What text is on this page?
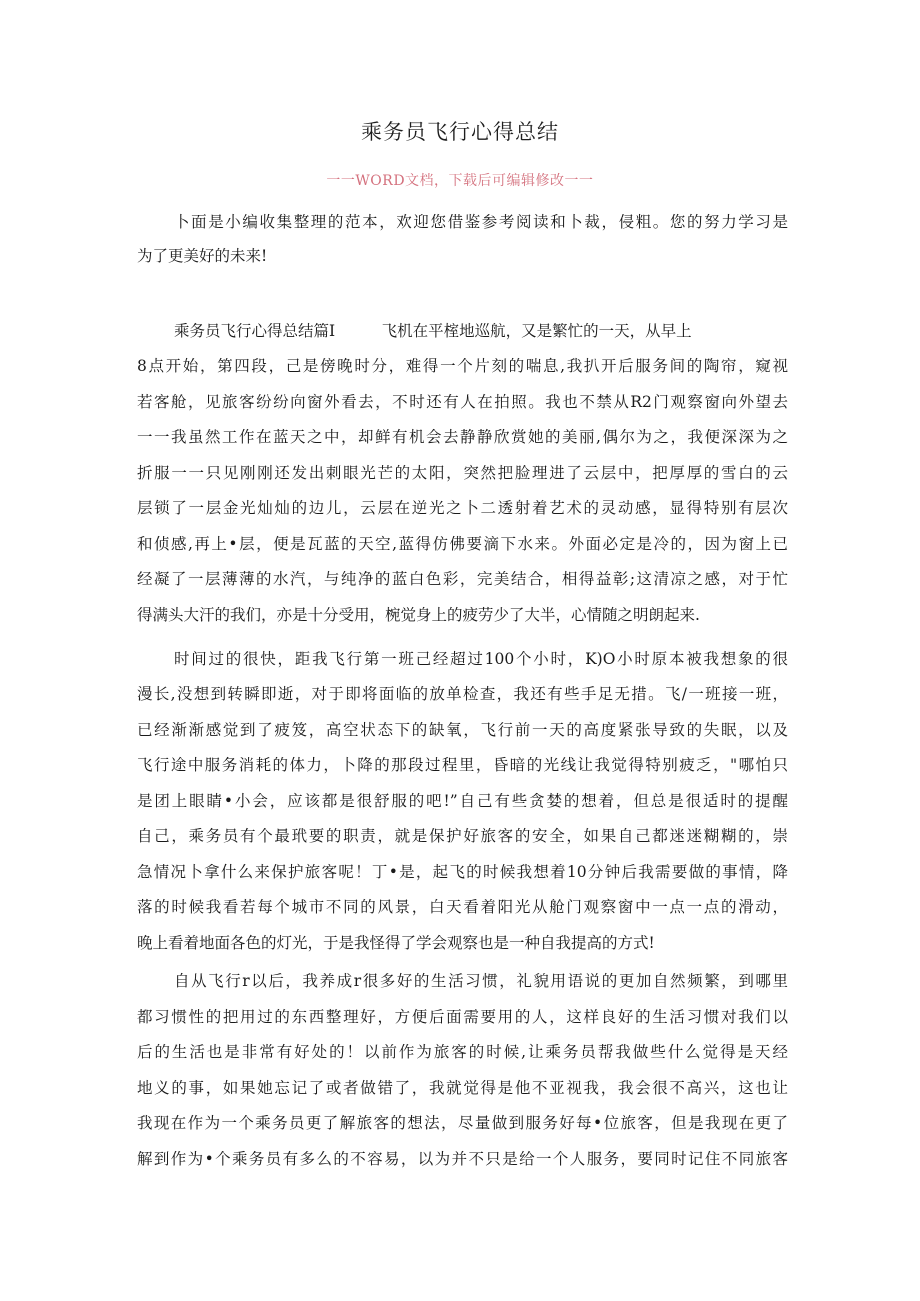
乘务员飞行心得总结
一一WORD文档，下载后可编辑修改一一
卜面是小编收集整理的范本，欢迎您借鉴参考阅读和卜裁，侵粗。您的努力学习是
为了更美好的未来!
乘务员飞行心得总结篇I　　　飞机在平榁地巡航，又是繁忙的一天，从早上
8点开始，第四段，己是傍晚时分，难得一个片刻的喘息,我扒开后服务间的陶帘，窥视
若客舱，见旅客纷纷向窗外看去，不时还有人在拍照。我也不禁从R2门观察窗向外望去
一一我虽然工作在蓝天之中，却鲜有机会去静静欣赏她的美丽,偶尔为之，我便深深为之
折服一一只见刚刚还发出刺眼光芒的太阳，突然把脸理进了云层中，把厚厚的雪白的云
层锁了一层金光灿灿的边儿，云层在逆光之卜二透射着艺术的灵动感，显得特别有层次
和侦感,再上•层，便是瓦蓝的天空,蓝得仿佛要滴下水来。外面必定是冷的，因为窗上已
经凝了一层薄薄的水汽，与纯净的蓝白色彩，完美结合，相得益彰;这清凉之感，对于忙
得满头大汗的我们，亦是十分受用，椀觉身上的疲劳少了大半，心情随之明朗起来.
时间过的很快，距我飞行第一班己经超过100个小时，K)O小时原本被我想象的很
漫长,没想到转瞬即逝，对于即将面临的放单检查，我还有些手足无措。飞/一班接一班，
已经渐渐感觉到了疲笈，高空状态下的缺氧，飞行前一天的高度紧张导致的失眠，以及
飞行途中服务消耗的体力，卜降的那段过程里，昏暗的光线让我觉得特别疲乏，"哪怕只
是团上眼睛•小会，应该都是很舒服的吧!”自己有些贪婪的想着，但总是很适时的提醒
自己，乘务员有个最玳要的职责，就是保护好旅客的安全，如果自己都迷迷糊糊的，崇
急情况卜拿什么来保护旅客呢！丁•是，起飞的时候我想着10分钟后我需要做的事情，降
落的时候我看若每个城市不同的风景，白天看着阳光从舱门观察窗中一点一点的滑动，
晚上看着地面各色的灯光，于是我怪得了学会观察也是一种自我提高的方式!
自从飞行r以后，我养成r很多好的生活习惯，礼貌用语说的更加自然频繁，到哪里
都习惯性的把用过的东西整理好，方便后面需要用的人，这样良好的生活习惯对我们以
后的生活也是非常有好处的！以前作为旅客的时候,让乘务员帮我做些什么觉得是天经
地义的事，如果她忘记了或者做错了，我就觉得是他不亚视我，我会很不高兴，这也让
我现在作为一个乘务员更了解旅客的想法，尽量做到服务好每•位旅客，但是我现在更了
解到作为•个乘务员有多么的不容易，以为并不只是给一个人服务，要同时记住不同旅客
